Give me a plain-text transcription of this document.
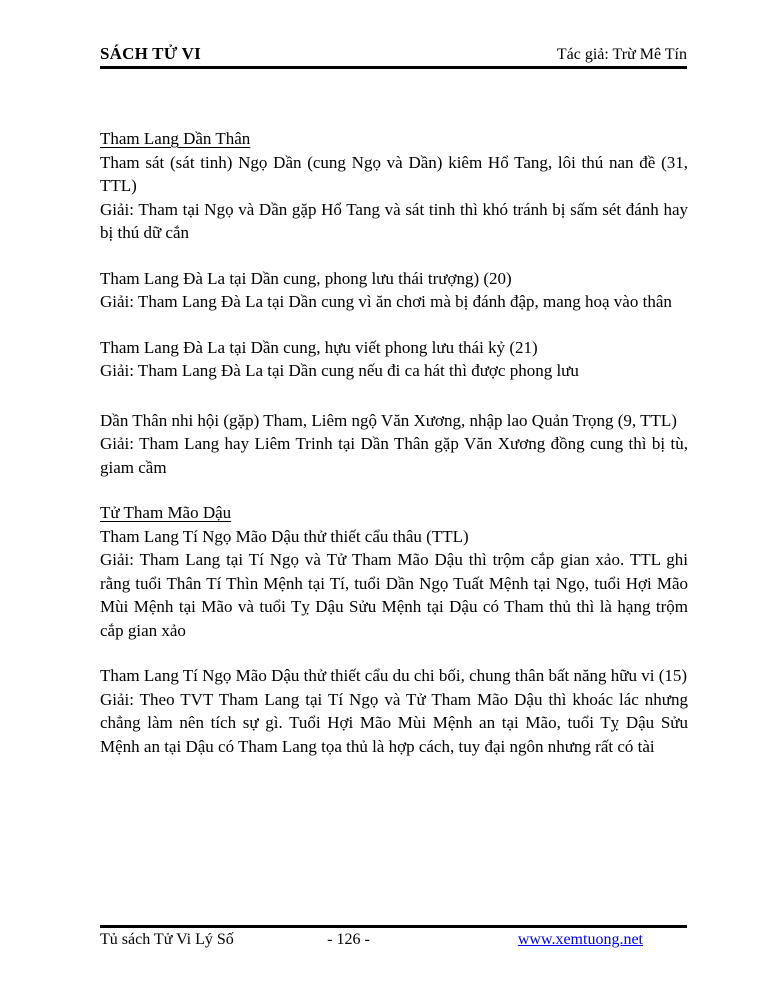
SÁCH TỬ VI	Tác giả: Trừ Mê Tín
Tham Lang Dần Thân

Tham sát (sát tinh) Ngọ Dần (cung Ngọ và Dần) kiêm Hổ Tang, lôi thú nan đề (31, TTL)

Giải: Tham tại Ngọ và Dần gặp Hổ Tang và sát tinh thì khó tránh bị sấm sét đánh hay bị thú dữ cắn

Tham Lang Đà La tại Dần cung, phong lưu thái trượng) (20)

Giải: Tham Lang Đà La tại Dần cung vì ăn chơi mà bị đánh đập, mang hoạ vào thân

Tham Lang Đà La tại Dần cung, hựu viết phong lưu thái kỷ (21)

Giải: Tham Lang Đà La tại Dần cung nếu đi ca hát thì được phong lưu

Dần Thân nhi hội (gặp) Tham, Liêm ngộ Văn Xương, nhập lao Quản Trọng (9, TTL)

Giải: Tham Lang hay Liêm Trinh tại Dần Thân gặp Văn Xương đồng cung thì bị tù, giam cầm

Tử Tham Mão Dậu

Tham Lang Tí Ngọ Mão Dậu thử thiết cẩu thâu (TTL)

Giải: Tham Lang tại Tí Ngọ và Tử Tham Mão Dậu thì trộm cắp gian xảo. TTL ghi rằng tuổi Thân Tí Thìn Mệnh tại Tí, tuổi Dần Ngọ Tuất Mệnh tại Ngọ, tuổi Hợi Mão Mùi Mệnh tại Mão và tuổi Tỵ Dậu Sửu Mệnh tại Dậu có Tham thủ thì là hạng trộm cắp gian xảo

Tham Lang Tí Ngọ Mão Dậu thử thiết cẩu du chi bối, chung thân bất năng hữu vi (15)

Giải: Theo TVT Tham Lang tại Tí Ngọ và Tử Tham Mão Dậu thì khoác lác nhưng chẳng làm nên tích sự gì. Tuổi Hợi Mão Mùi Mệnh an tại Mão, tuổi Tỵ Dậu Sửu Mệnh an tại Dậu có Tham Lang tọa thủ là hợp cách, tuy đại ngôn nhưng rất có tài

Tủ sách Tử Vi Lý Số	- 126 -	www.xemtuong.net
